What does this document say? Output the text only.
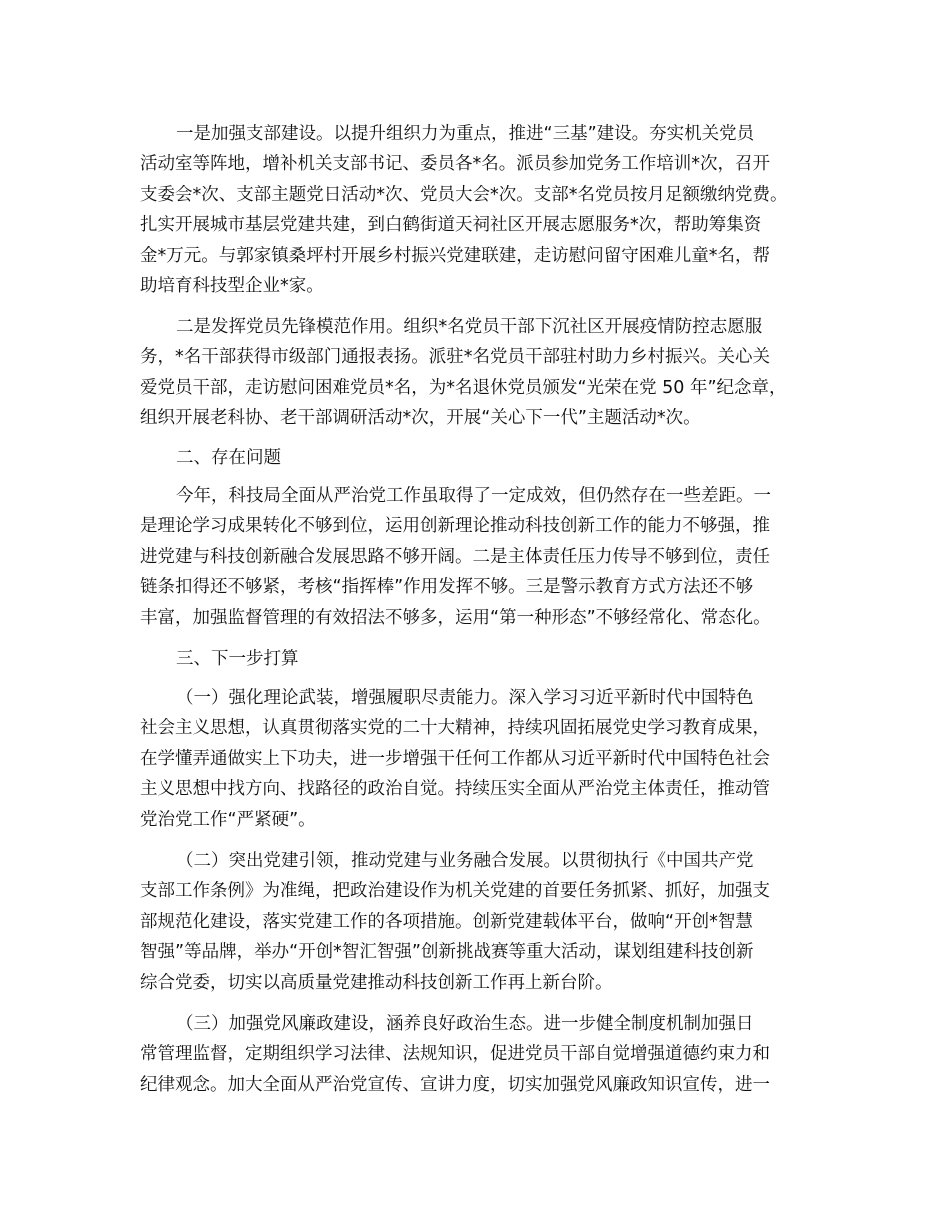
一是加强支部建设。以提升组织力为重点，推进“三基”建设。夯实机关党员
活动室等阵地，增补机关支部书记、委员各*名。派员参加党务工作培训*次，召开
支委会*次、支部主题党日活动*次、党员大会*次。支部*名党员按月足额缴纳党费。
扎实开展城市基层党建共建，到白鹤街道天祠社区开展志愿服务*次，帮助筹集资
金*万元。与郭家镇桑坪村开展乡村振兴党建联建，走访慰问留守困难儿童*名，帮
助培育科技型企业*家。
二是发挥党员先锋模范作用。组织*名党员干部下沉社区开展疫情防控志愿服
务，*名干部获得市级部门通报表扬。派驻*名党员干部驻村助力乡村振兴。关心关
爱党员干部，走访慰问困难党员*名，为*名退休党员颁发“光荣在党 50 年”纪念章，
组织开展老科协、老干部调研活动*次，开展“关心下一代”主题活动*次。
二、存在问题
今年，科技局全面从严治党工作虽取得了一定成效，但仍然存在一些差距。一
是理论学习成果转化不够到位，运用创新理论推动科技创新工作的能力不够强，推
进党建与科技创新融合发展思路不够开阔。二是主体责任压力传导不够到位，责任
链条扣得还不够紧，考核“指挥棒”作用发挥不够。三是警示教育方式方法还不够
丰富，加强监督管理的有效招法不够多，运用“第一种形态”不够经常化、常态化。
三、下一步打算
（一）强化理论武装，增强履职尽责能力。深入学习习近平新时代中国特色
社会主义思想，认真贯彻落实党的二十大精神，持续巩固拓展党史学习教育成果，
在学懂弄通做实上下功夫，进一步增强干任何工作都从习近平新时代中国特色社会
主义思想中找方向、找路径的政治自觉。持续压实全面从严治党主体责任，推动管
党治党工作“严紧硬”。
（二）突出党建引领，推动党建与业务融合发展。以贯彻执行《中国共产党
支部工作条例》为准绳，把政治建设作为机关党建的首要任务抓紧、抓好，加强支
部规范化建设，落实党建工作的各项措施。创新党建载体平台，做响“开创*智慧
智强”等品牌，举办“开创*智汇智强”创新挑战赛等重大活动，谋划组建科技创新
综合党委，切实以高质量党建推动科技创新工作再上新台阶。
（三）加强党风廉政建设，涵养良好政治生态。进一步健全制度机制加强日
常管理监督，定期组织学习法律、法规知识，促进党员干部自觉增强道德约束力和
纪律观念。加大全面从严治党宣传、宣讲力度，切实加强党风廉政知识宣传，进一
